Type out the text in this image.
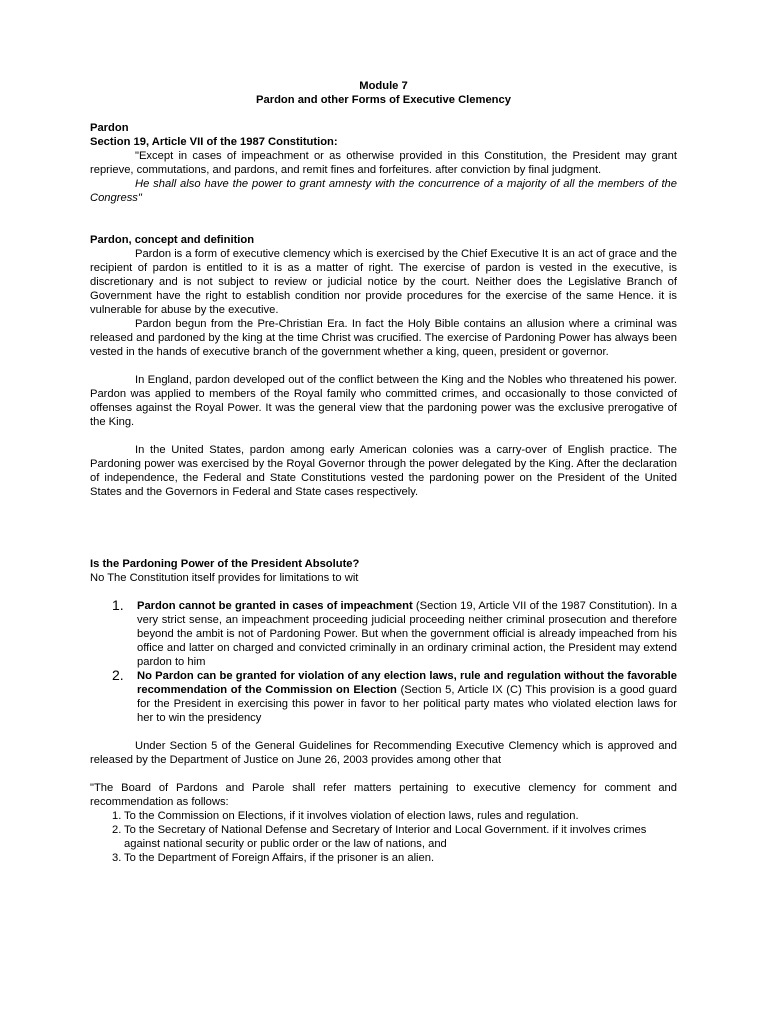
Module 7

Pardon and other Forms of Executive Clemency

Pardon

Section 19, Article VII of the 1987 Constitution:

"Except in cases of impeachment or as otherwise provided in this Constitution, the President may grant reprieve, commutations, and pardons, and remit fines and forfeitures. after conviction by final judgment.

He shall also have the power to grant amnesty with the concurrence of a majority of all the members of the Congress"

Pardon, concept and definition

Pardon is a form of executive clemency which is exercised by the Chief Executive It is an act of grace and the recipient of pardon is entitled to it is as a matter of right. The exercise of pardon is vested in the executive, is discretionary and is not subject to review or judicial notice by the court. Neither does the Legislative Branch of Government have the right to establish condition nor provide procedures for the exercise of the same Hence. it is vulnerable for abuse by the executive.

Pardon begun from the Pre-Christian Era. In fact the Holy Bible contains an allusion where a criminal was released and pardoned by the king at the time Christ was crucified. The exercise of Pardoning Power has always been vested in the hands of executive branch of the government whether a king, queen, president or governor.

In England, pardon developed out of the conflict between the King and the Nobles who threatened his power. Pardon was applied to members of the Royal family who committed crimes, and occasionally to those convicted of offenses against the Royal Power. It was the general view that the pardoning power was the exclusive prerogative of the King.

In the United States, pardon among early American colonies was a carry-over of English practice. The Pardoning power was exercised by the Royal Governor through the power delegated by the King. After the declaration of independence, the Federal and State Constitutions vested the pardoning power on the President of the United States and the Governors in Federal and State cases respectively.

Is the Pardoning Power of the President Absolute?

No The Constitution itself provides for limitations to wit

1. Pardon cannot be granted in cases of impeachment (Section 19, Article VII of the 1987 Constitution). In a very strict sense, an impeachment proceeding judicial proceeding neither criminal prosecution and therefore beyond the ambit is not of Pardoning Power. But when the government official is already impeached from his office and latter on charged and convicted criminally in an ordinary criminal action, the President may extend pardon to him
2. No Pardon can be granted for violation of any election laws, rule and regulation without the favorable recommendation of the Commission on Election (Section 5, Article IX (C) This provision is a good guard for the President in exercising this power in favor to her political party mates who violated election laws for her to win the presidency

Under Section 5 of the General Guidelines for Recommending Executive Clemency which is approved and released by the Department of Justice on June 26, 2003 provides among other that

"The Board of Pardons and Parole shall refer matters pertaining to executive clemency for comment and recommendation as follows:

1. To the Commission on Elections, if it involves violation of election laws, rules and regulation.
2. To the Secretary of National Defense and Secretary of Interior and Local Government. if it involves crimes against national security or public order or the law of nations, and
3. To the Department of Foreign Affairs, if the prisoner is an alien.
